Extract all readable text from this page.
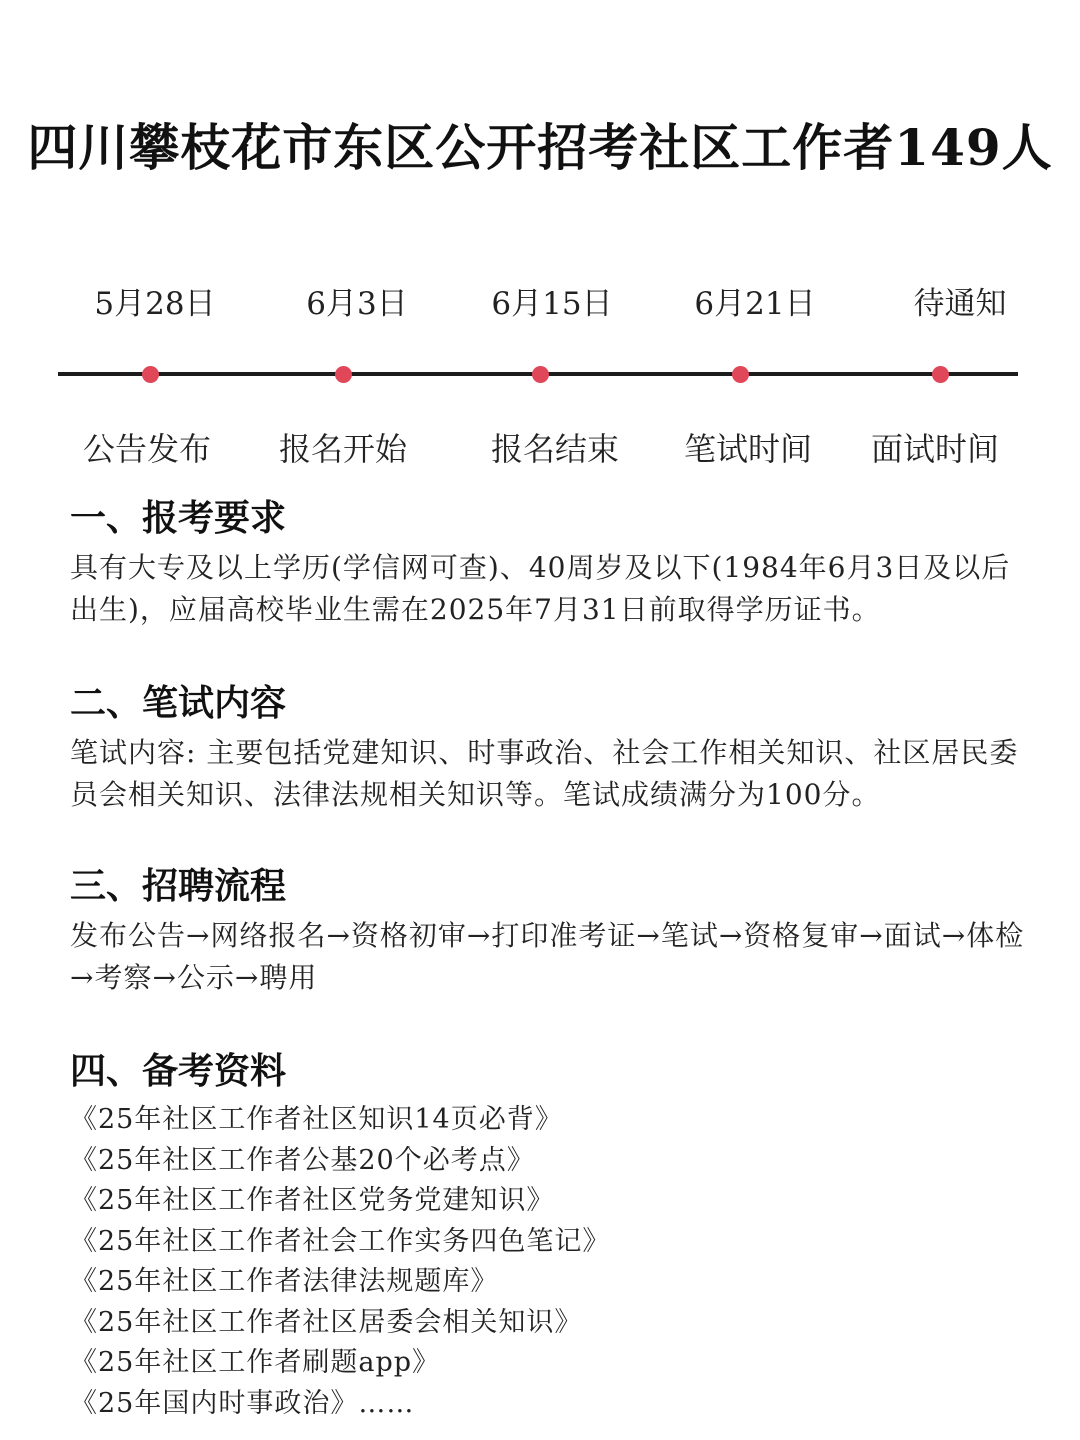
四川攀枝花市东区公开招考社区工作者149人
5月28日	6月3日	6月15日	6月21日	待通知
公告发布	报名开始	报名结束	笔试时间	面试时间
一、报考要求
具有大专及以上学历(学信网可查)、40周岁及以下(1984年6月3日及以后出生)，应届高校毕业生需在2025年7月31日前取得学历证书。
二、笔试内容
笔试内容: 主要包括党建知识、时事政治、社会工作相关知识、社区居民委员会相关知识、法律法规相关知识等。笔试成绩满分为100分。
三、招聘流程
发布公告→网络报名→资格初审→打印准考证→笔试→资格复审→面试→体检→考察→公示→聘用
四、备考资料
《25年社区工作者社区知识14页必背》
《25年社区工作者公基20个必考点》
《25年社区工作者社区党务党建知识》
《25年社区工作者社会工作实务四色笔记》
《25年社区工作者法律法规题库》
《25年社区工作者社区居委会相关知识》
《25年社区工作者刷题app》
《25年国内时事政治》……
